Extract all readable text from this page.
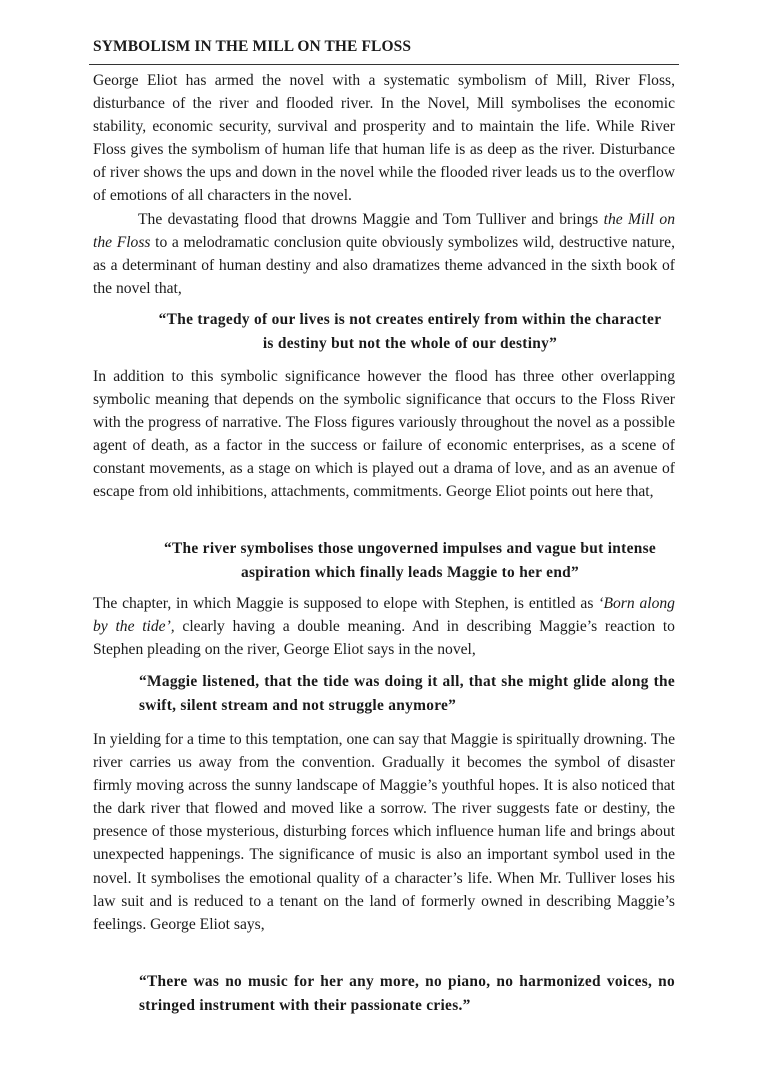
SYMBOLISM IN THE MILL ON THE FLOSS

George Eliot has armed the novel with a systematic symbolism of Mill, River Floss, disturbance of the river and flooded river. In the Novel, Mill symbolises the economic stability, economic security, survival and prosperity and to maintain the life. While River Floss gives the symbolism of human life that human life is as deep as the river. Disturbance of river shows the ups and down in the novel while the flooded river leads us to the overflow of emotions of all characters in the novel.

The devastating flood that drowns Maggie and Tom Tulliver and brings the Mill on the Floss to a melodramatic conclusion quite obviously symbolizes wild, destructive nature, as a determinant of human destiny and also dramatizes theme advanced in the sixth book of the novel that,

“The tragedy of our lives is not creates entirely from within the character

is destiny but not the whole of our destiny”

In addition to this symbolic significance however the flood has three other overlapping symbolic meaning that depends on the symbolic significance that occurs to the Floss River with the progress of narrative. The Floss figures variously throughout the novel as a possible agent of death, as a factor in the success or failure of economic enterprises, as a scene of constant movements, as a stage on which is played out a drama of love, and as an avenue of escape from old inhibitions, attachments, commitments. George Eliot points out here that,

“The river symbolises those ungoverned impulses and vague but intense

aspiration which finally leads Maggie to her end”

The chapter, in which Maggie is supposed to elope with Stephen, is entitled as ‘Born along by the tide’, clearly having a double meaning. And in describing Maggie’s reaction to Stephen pleading on the river, George Eliot says in the novel,
“Maggie listened, that the tide was doing it all, that she might glide along the swift, silent stream and not struggle anymore”
In yielding for a time to this temptation, one can say that Maggie is spiritually drowning. The river carries us away from the convention. Gradually it becomes the symbol of disaster firmly moving across the sunny landscape of Maggie’s youthful hopes. It is also noticed that the dark river that flowed and moved like a sorrow. The river suggests fate or destiny, the presence of those mysterious, disturbing forces which influence human life and brings about unexpected happenings. The significance of music is also an important symbol used in the novel. It symbolises the emotional quality of a character’s life. When Mr. Tulliver loses his law suit and is reduced to a tenant on the land of formerly owned in describing Maggie’s feelings. George Eliot says,
“There was no music for her any more, no piano, no harmonized voices, no stringed instrument with their passionate cries.”
